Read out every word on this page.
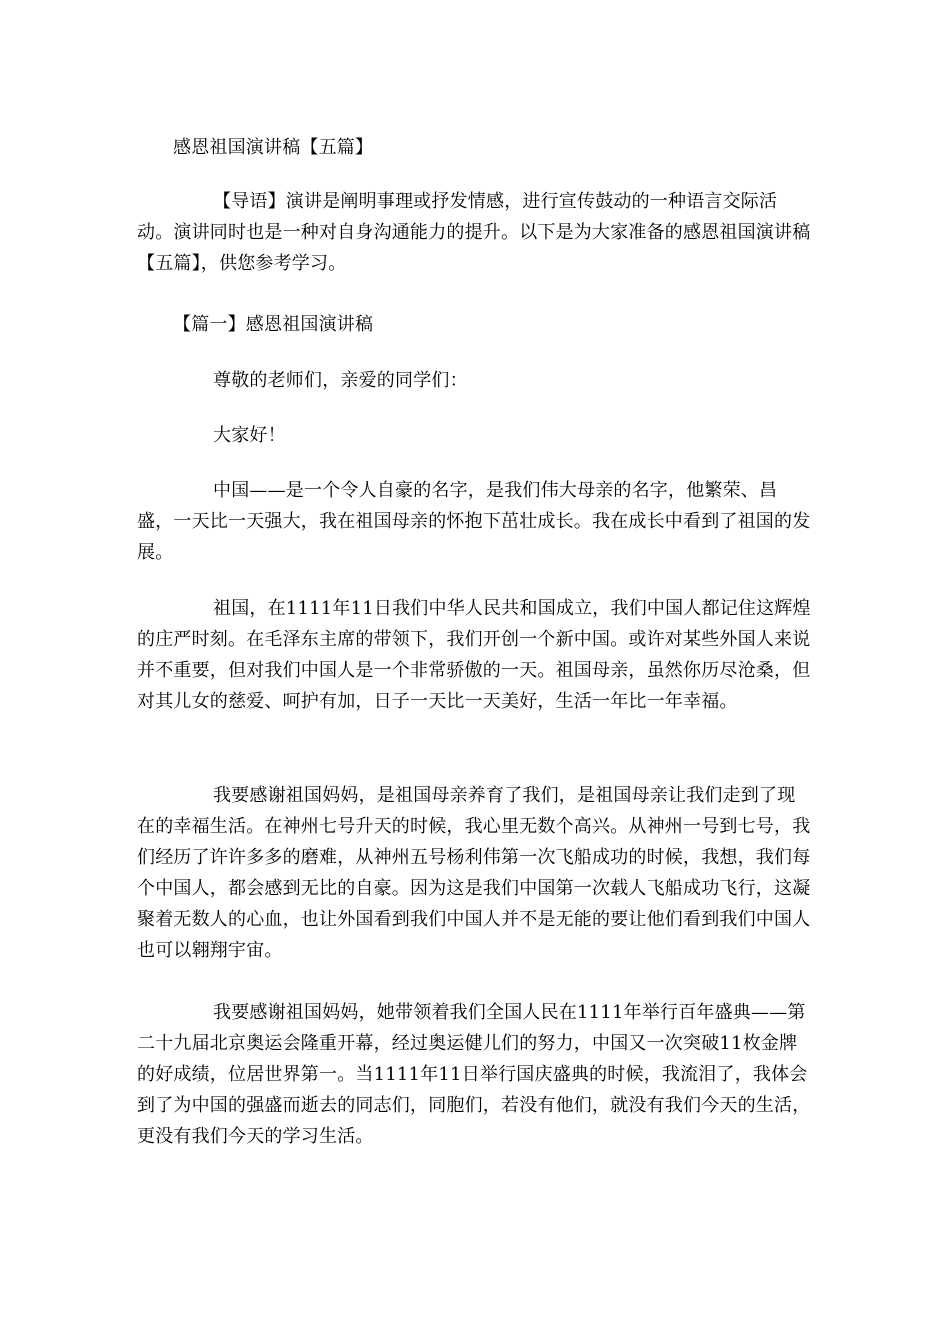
感恩祖国演讲稿【五篇】

【导语】演讲是阐明事理或抒发情感，进行宣传鼓动的一种语言交际活动。演讲同时也是一种对自身沟通能力的提升。以下是为大家准备的感恩祖国演讲稿【五篇】，供您参考学习。

【篇一】感恩祖国演讲稿

尊敬的老师们，亲爱的同学们：

大家好！

中国——是一个令人自豪的名字，是我们伟大母亲的名字，他繁荣、昌盛，一天比一天强大，我在祖国母亲的怀抱下茁壮成长。我在成长中看到了祖国的发展。

祖国，在1111年11日我们中华人民共和国成立，我们中国人都记住这辉煌的庄严时刻。在毛泽东主席的带领下，我们开创一个新中国。或许对某些外国人来说并不重要，但对我们中国人是一个非常骄傲的一天。祖国母亲，虽然你历尽沧桑，但对其儿女的慈爱、呵护有加，日子一天比一天美好，生活一年比一年幸福。

我要感谢祖国妈妈，是祖国母亲养育了我们，是祖国母亲让我们走到了现在的幸福生活。在神州七号升天的时候，我心里无数个高兴。从神州一号到七号，我们经历了许许多多的磨难，从神州五号杨利伟第一次飞船成功的时候，我想，我们每个中国人，都会感到无比的自豪。因为这是我们中国第一次载人飞船成功飞行，这凝聚着无数人的心血，也让外国看到我们中国人并不是无能的要让他们看到我们中国人也可以翱翔宇宙。

我要感谢祖国妈妈，她带领着我们全国人民在1111年举行百年盛典——第二十九届北京奥运会隆重开幕，经过奥运健儿们的努力，中国又一次突破11枚金牌的好成绩，位居世界第一。当1111年11日举行国庆盛典的时候，我流泪了，我体会到了为中国的强盛而逝去的同志们，同胞们，若没有他们，就没有我们今天的生活，更没有我们今天的学习生活。
